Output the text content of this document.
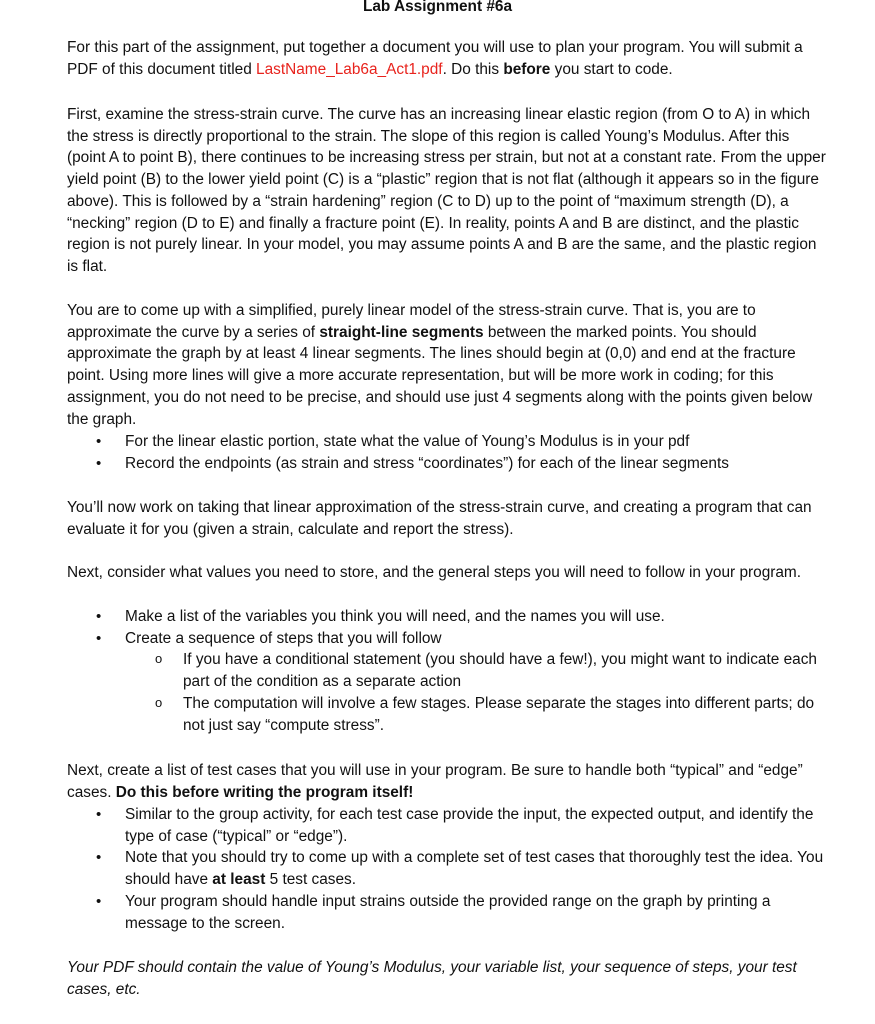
Lab Assignment #6a

For this part of the assignment, put together a document you will use to plan your program. You will submit a PDF of this document titled LastName_Lab6a_Act1.pdf. Do this before you start to code.

First, examine the stress-strain curve. The curve has an increasing linear elastic region (from O to A) in which the stress is directly proportional to the strain. The slope of this region is called Young’s Modulus. After this (point A to point B), there continues to be increasing stress per strain, but not at a constant rate. From the upper yield point (B) to the lower yield point (C) is a “plastic” region that is not flat (although it appears so in the figure above). This is followed by a “strain hardening” region (C to D) up to the point of “maximum strength (D), a “necking” region (D to E) and finally a fracture point (E). In reality, points A and B are distinct, and the plastic region is not purely linear. In your model, you may assume points A and B are the same, and the plastic region is flat.

You are to come up with a simplified, purely linear model of the stress-strain curve. That is, you are to approximate the curve by a series of straight-line segments between the marked points. You should approximate the graph by at least 4 linear segments. The lines should begin at (0,0) and end at the fracture point. Using more lines will give a more accurate representation, but will be more work in coding; for this assignment, you do not need to be precise, and should use just 4 segments along with the points given below the graph.

• For the linear elastic portion, state what the value of Young’s Modulus is in your pdf
• Record the endpoints (as strain and stress “coordinates”) for each of the linear segments

You’ll now work on taking that linear approximation of the stress-strain curve, and creating a program that can evaluate it for you (given a strain, calculate and report the stress).

Next, consider what values you need to store, and the general steps you will need to follow in your program.

• Make a list of the variables you think you will need, and the names you will use.
• Create a sequence of steps that you will follow
o If you have a conditional statement (you should have a few!), you might want to indicate each part of the condition as a separate action
o The computation will involve a few stages. Please separate the stages into different parts; do not just say “compute stress”.

Next, create a list of test cases that you will use in your program. Be sure to handle both “typical” and “edge” cases. Do this before writing the program itself!

• Similar to the group activity, for each test case provide the input, the expected output, and identify the type of case (“typical” or “edge”).
• Note that you should try to come up with a complete set of test cases that thoroughly test the idea. You should have at least 5 test cases.
• Your program should handle input strains outside the provided range on the graph by printing a message to the screen.

Your PDF should contain the value of Young’s Modulus, your variable list, your sequence of steps, your test cases, etc.
